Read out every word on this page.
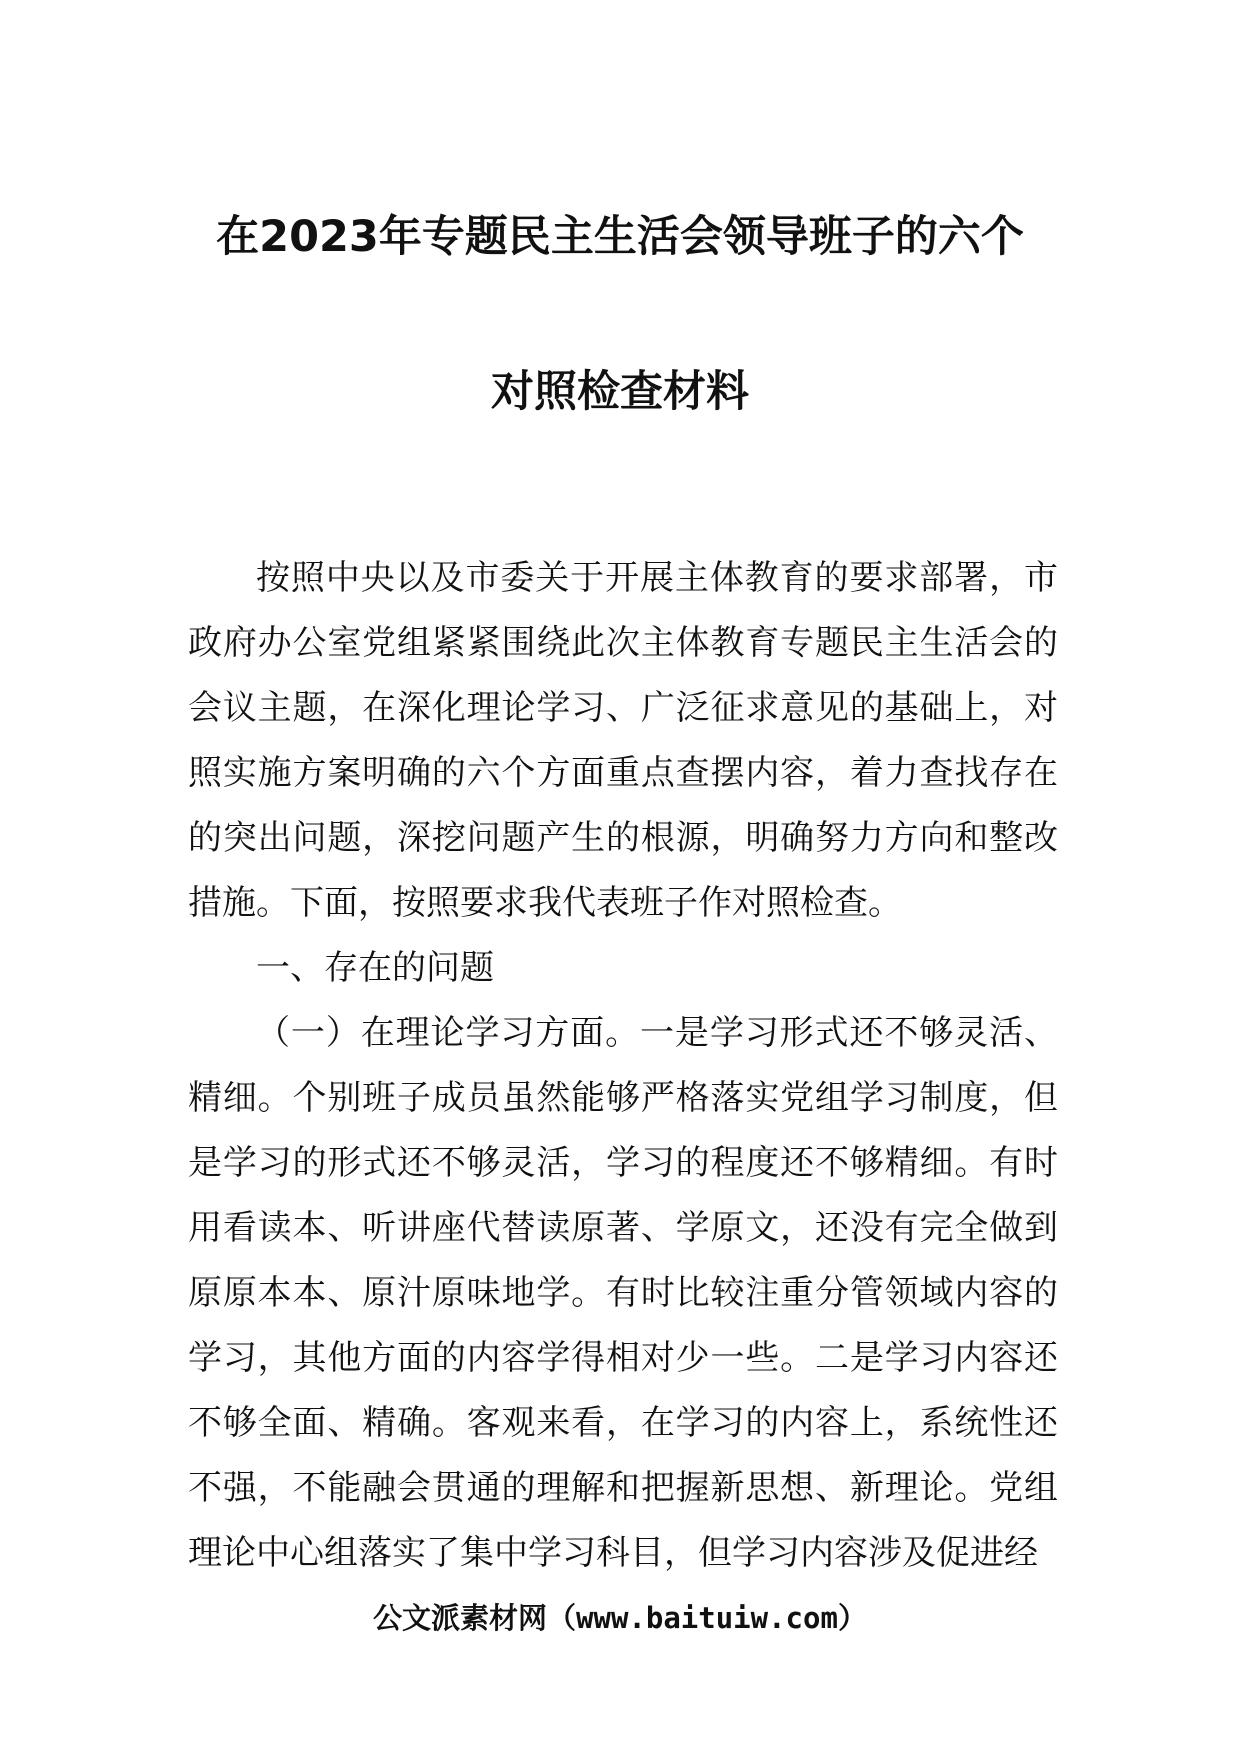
在2023年专题民主生活会领导班子的六个
对照检查材料

按照中央以及市委关于开展主体教育的要求部署，市政府办公室党组紧紧围绕此次主体教育专题民主生活会的会议主题，在深化理论学习、广泛征求意见的基础上，对照实施方案明确的六个方面重点查摆内容，着力查找存在的突出问题，深挖问题产生的根源，明确努力方向和整改措施。下面，按照要求我代表班子作对照检查。

一、存在的问题

（一）在理论学习方面。一是学习形式还不够灵活、精细。个别班子成员虽然能够严格落实党组学习制度，但是学习的形式还不够灵活，学习的程度还不够精细。有时用看读本、听讲座代替读原著、学原文，还没有完全做到原原本本、原汁原味地学。有时比较注重分管领域内容的学习，其他方面的内容学得相对少一些。二是学习内容还不够全面、精确。客观来看，在学习的内容上，系统性还不强，不能融会贯通的理解和把握新思想、新理论。党组理论中心组落实了集中学习科目，但学习内容涉及促进经

公文派素材网（www.baituiw.com）
